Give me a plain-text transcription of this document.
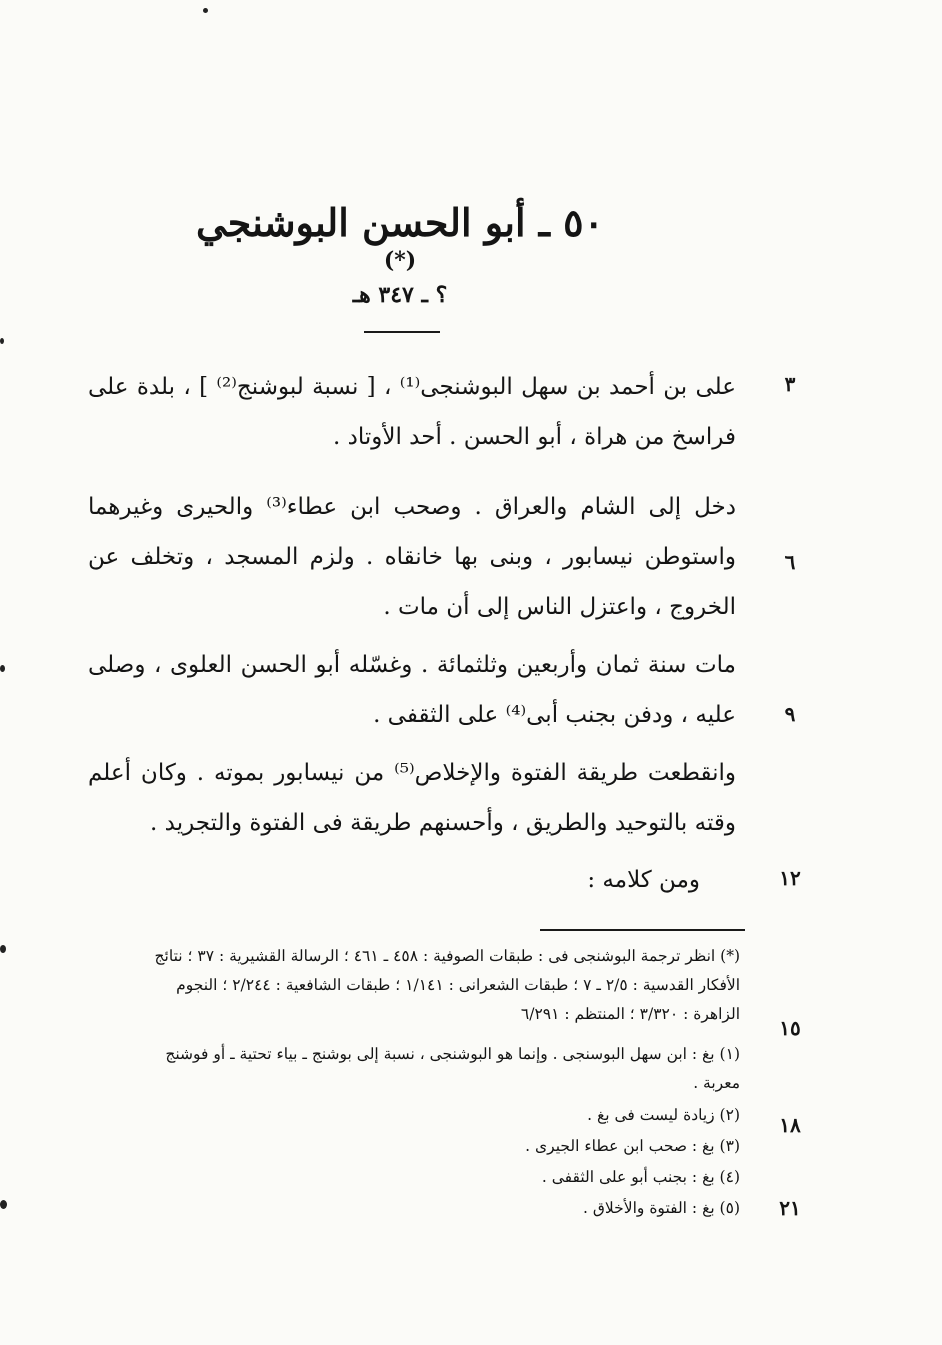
٥٠ ـ أبو الحسن البوشنجي (*)
؟ ـ ٣٤٧ هـ
على بن أحمد بن سهل البوشنجى⁽¹⁾ ، [ نسبة لبوشنج⁽²⁾ ] ، بلدة على فراسخ من هراة ، أبو الحسن . أحد الأوتاد .
دخل إلى الشام والعراق . وصحب ابن عطاء⁽³⁾ والحيرى وغيرهما واستوطن نيسابور ، وبنى بها خانقاه . ولزم المسجد ، وتخلف عن الخروج ، واعتزل الناس إلى أن مات .
مات سنة ثمان وأربعين وثلثمائة . وغسّله أبو الحسن العلوى ، وصلى عليه ، ودفن بجنب أبى⁽⁴⁾ على الثقفى .
وانقطعت طريقة الفتوة والإخلاص⁽⁵⁾ من نيسابور بموته . وكان أعلم وقته بالتوحيد والطريق ، وأحسنهم طريقة فى الفتوة والتجريد .
ومن كلامه :
٣
٦
٩
١٢
١٥
١٨
٢١
(*) انظر ترجمة البوشنجى فى : طبقات الصوفية : ٤٥٨ ـ ٤٦١ ؛ الرسالة القشيرية : ٣٧ ؛ نتائج الأفكار القدسية : ٢/٥ ـ ٧ ؛ طبقات الشعرانى : ١/١٤١ ؛ طبقات الشافعية : ٢/٢٤٤ ؛ النجوم الزاهرة : ٣/٣٢٠ ؛ المنتظم : ٦/٢٩١
(١) بغ : ابن سهل البوسنجى . وإنما هو البوشنجى ، نسبة إلى بوشنج ـ بياء تحتية ـ أو فوشنج معربة .
(٢) زيادة ليست فى بغ .
(٣) بغ : صحب ابن عطاء الجيرى .
(٤) بغ : بجنب أبو على الثقفى .
(٥) بغ : الفتوة والأخلاق .
